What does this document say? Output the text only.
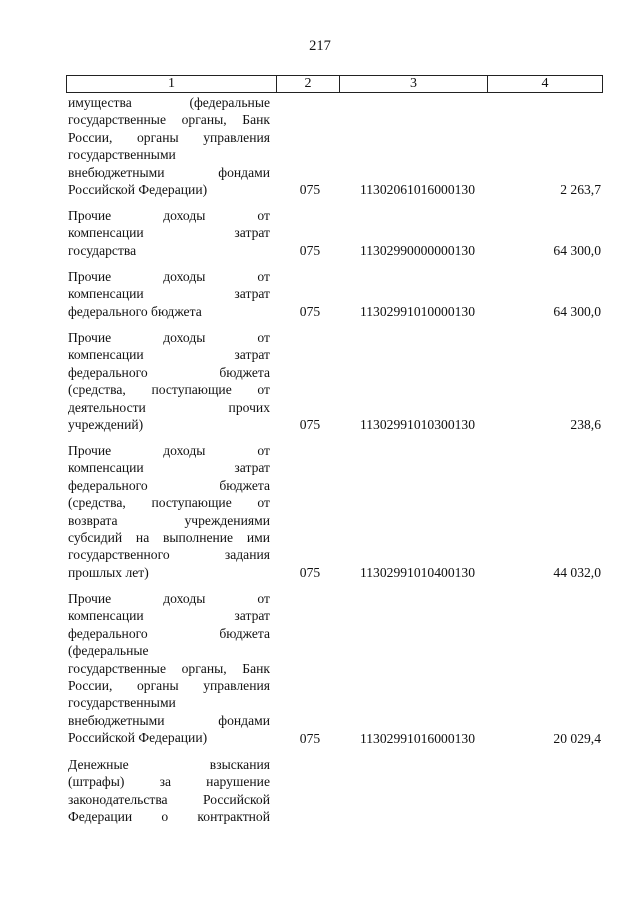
217
1	2	3	4
имущества (федеральные
государственные органы, Банк
России, органы управления
государственными
внебюджетными фондами
Российской Федерации)	075	11302061016000130	2 263,7
Прочие доходы от
компенсации затрат
государства	075	11302990000000130	64 300,0
Прочие доходы от
компенсации затрат
федерального бюджета	075	11302991010000130	64 300,0
Прочие доходы от
компенсации затрат
федерального бюджета
(средства, поступающие от
деятельности прочих
учреждений)	075	11302991010300130	238,6
Прочие доходы от
компенсации затрат
федерального бюджета
(средства, поступающие от
возврата учреждениями
субсидий на выполнение ими
государственного задания
прошлых лет)	075	11302991010400130	44 032,0
Прочие доходы от
компенсации затрат
федерального бюджета
(федеральные
государственные органы, Банк
России, органы управления
государственными
внебюджетными фондами
Российской Федерации)	075	11302991016000130	20 029,4
Денежные взыскания
(штрафы) за нарушение
законодательства Российской
Федерации о контрактной
